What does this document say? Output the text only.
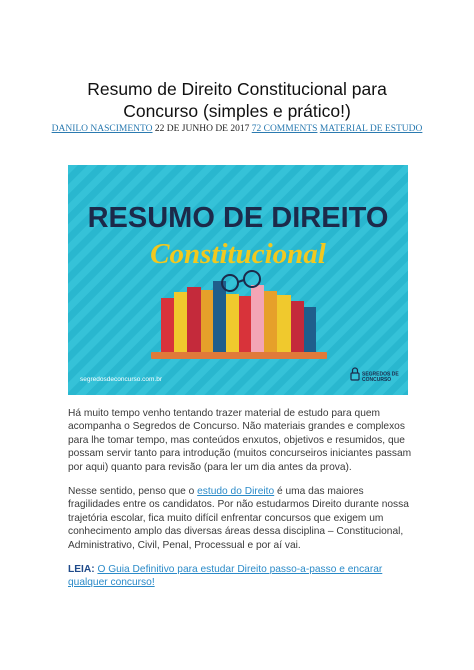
Resumo de Direito Constitucional para
Concurso (simples e prático!)
DANILO NASCIMENTO 22 DE JUNHO DE 2017 72 COMMENTS MATERIAL DE ESTUDO
RESUMO DE DIREITO
Constitucional
segredosdeconcurso.com.br
SEGREDOS DE
CONCURSO

Há muito tempo venho tentando trazer material de estudo para quem acompanha o Segredos de Concurso. Não materiais grandes e complexos para lhe tomar tempo, mas conteúdos enxutos, objetivos e resumidos, que possam servir tanto para introdução (muitos concurseiros iniciantes passam por aqui) quanto para revisão (para ler um dia antes da prova).

Nesse sentido, penso que o estudo do Direito é uma das maiores fragilidades entre os candidatos. Por não estudarmos Direito durante nossa trajetória escolar, fica muito difícil enfrentar concursos que exigem um conhecimento amplo das diversas áreas dessa disciplina – Constitucional, Administrativo, Civil, Penal, Processual e por aí vai.

LEIA: O Guia Definitivo para estudar Direito passo-a-passo e encarar qualquer concurso!
